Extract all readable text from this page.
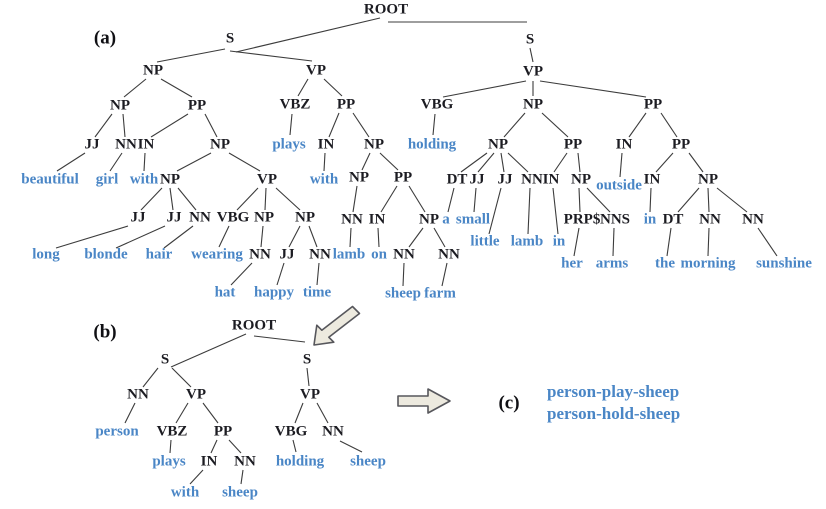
(a)
(b)
(c)
ROOT
S	S
NP	VP	VP
NP	PP	VBZ PP	VBG	NP	PP
JJ NN IN	NP	IN NP	NP	PP IN	PP
NP	VP	NP PP DT JJ JJ NN IN NP	IN	NP
JJ JJ NN VBG NP NP NN IN NP	PRP$ NNS DT NN NN
NN JJ NN	NN NN
plays	holding
beautiful girl with	with	outside
a small	in
little lamb in
long blonde hair wearing	lamb on
her arms the morning sunshine
hat happy time	sheep farm
ROOT
S	S
NN VP	VP
VBZ PP	VBG NN
IN NN
person
plays	holding sheep
with sheep
person-play-sheep
person-hold-sheep
